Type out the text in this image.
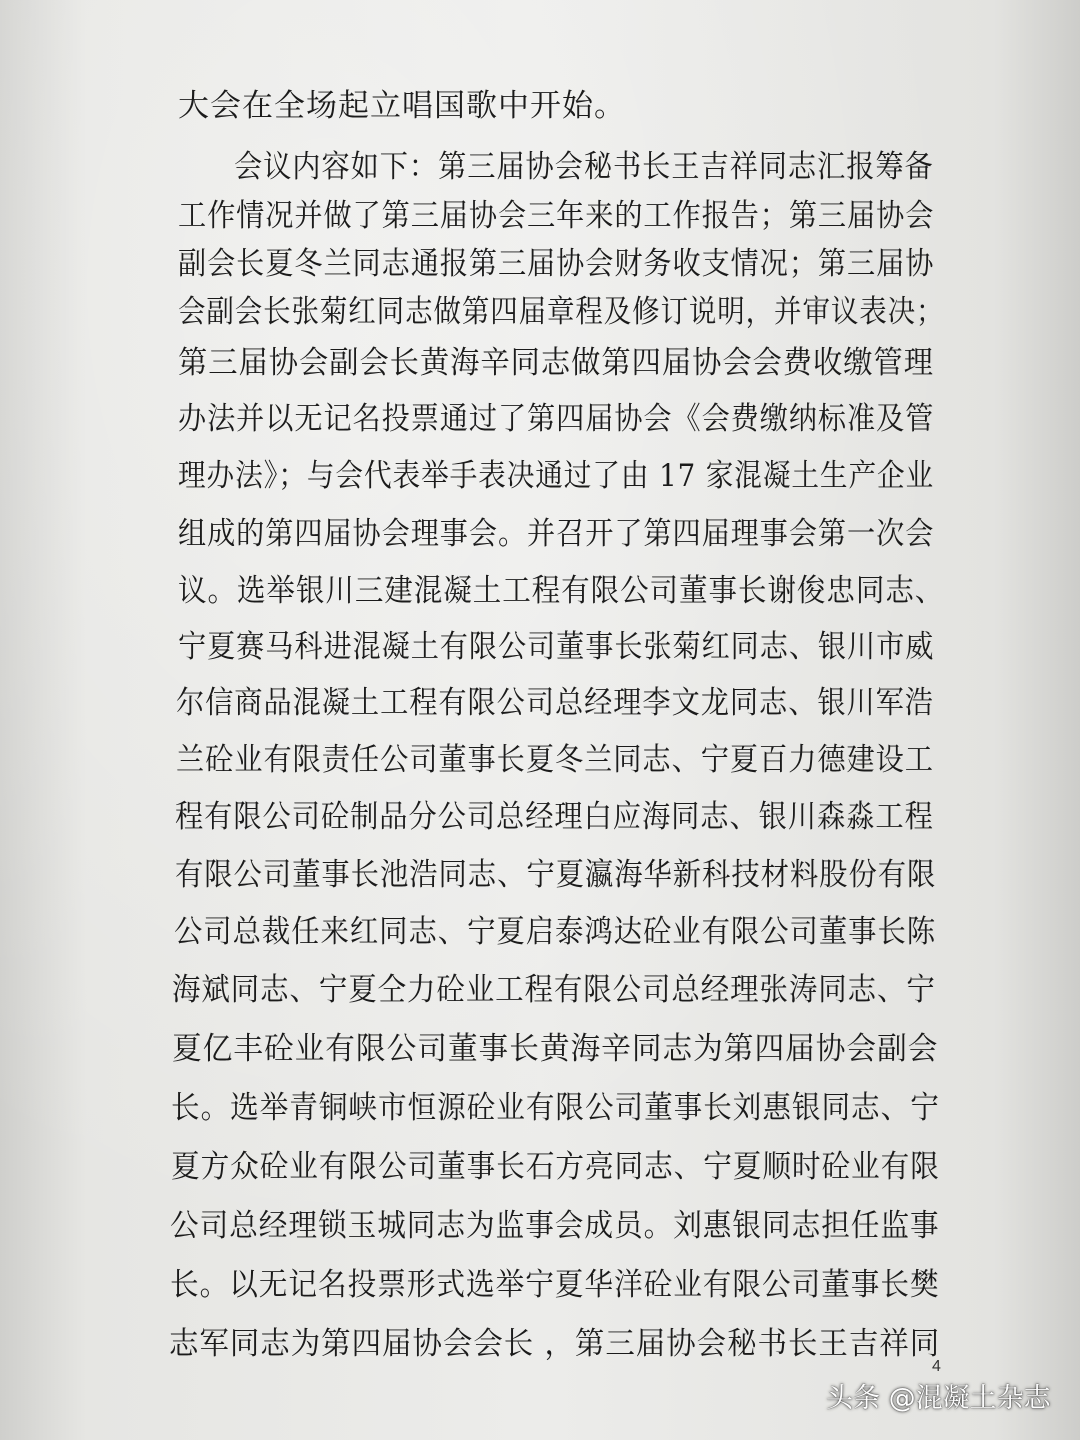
大会在全场起立唱国歌中开始。
会议内容如下：第三届协会秘书长王吉祥同志汇报筹备
工作情况并做了第三届协会三年来的工作报告；第三届协会
副会长夏冬兰同志通报第三届协会财务收支情况；第三届协
会副会长张菊红同志做第四届章程及修订说明，并审议表决；
第三届协会副会长黄海辛同志做第四届协会会费收缴管理
办法并以无记名投票通过了第四届协会《会费缴纳标准及管
理办法》；与会代表举手表决通过了由 17 家混凝土生产企业
组成的第四届协会理事会。并召开了第四届理事会第一次会
议。选举银川三建混凝土工程有限公司董事长谢俊忠同志、
宁夏赛马科进混凝土有限公司董事长张菊红同志、银川市威
尔信商品混凝土工程有限公司总经理李文龙同志、银川军浩
兰砼业有限责任公司董事长夏冬兰同志、宁夏百力德建设工
程有限公司砼制品分公司总经理白应海同志、银川森淼工程
有限公司董事长池浩同志、宁夏瀛海华新科技材料股份有限
公司总裁任来红同志、宁夏启泰鸿达砼业有限公司董事长陈
海斌同志、宁夏仝力砼业工程有限公司总经理张涛同志、宁
夏亿丰砼业有限公司董事长黄海辛同志为第四届协会副会
长。选举青铜峡市恒源砼业有限公司董事长刘惠银同志、宁
夏方众砼业有限公司董事长石方亮同志、宁夏顺时砼业有限
公司总经理锁玉城同志为监事会成员。刘惠银同志担任监事
长。以无记名投票形式选举宁夏华洋砼业有限公司董事长樊
志军同志为第四届协会会长 ，第三届协会秘书长王吉祥同
4
头条 @混凝土杂志
